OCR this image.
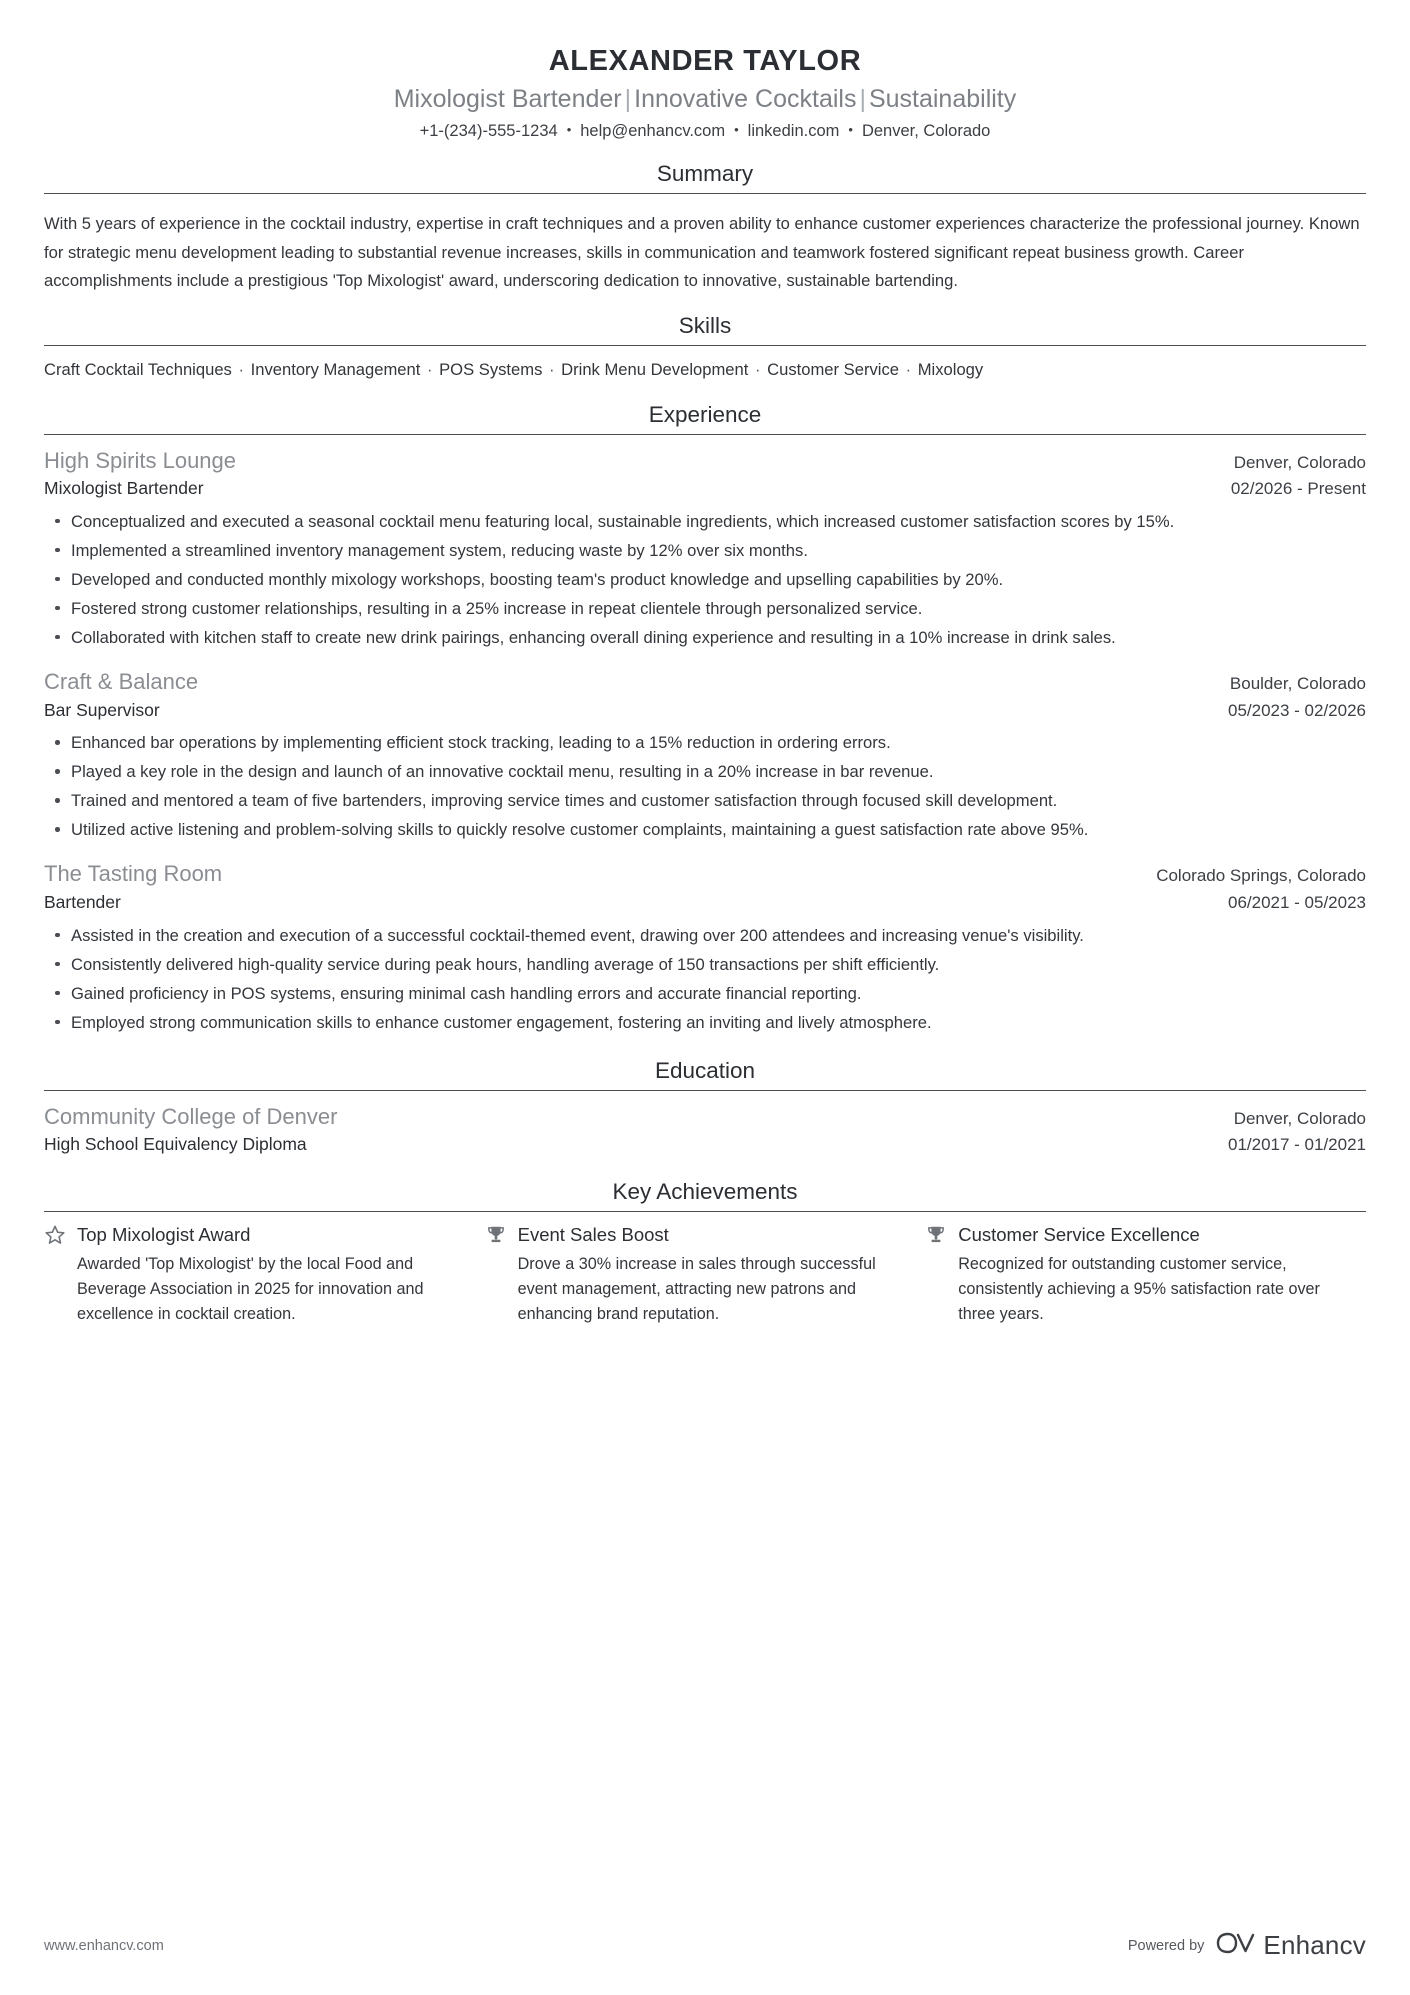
ALEXANDER TAYLOR
Mixologist Bartender | Innovative Cocktails | Sustainability
+1-(234)-555-1234 • help@enhancv.com • linkedin.com • Denver, Colorado
Summary

With 5 years of experience in the cocktail industry, expertise in craft techniques and a proven ability to enhance customer experiences characterize the professional journey. Known for strategic menu development leading to substantial revenue increases, skills in communication and teamwork fostered significant repeat business growth. Career accomplishments include a prestigious 'Top Mixologist' award, underscoring dedication to innovative, sustainable bartending.

Skills
Craft Cocktail Techniques · Inventory Management · POS Systems · Drink Menu Development · Customer Service · Mixology
Experience
High Spirits Lounge	Denver, Colorado
Mixologist Bartender	02/2026 - Present
Conceptualized and executed a seasonal cocktail menu featuring local, sustainable ingredients, which increased customer satisfaction scores by 15%.
Implemented a streamlined inventory management system, reducing waste by 12% over six months.
Developed and conducted monthly mixology workshops, boosting team's product knowledge and upselling capabilities by 20%.
Fostered strong customer relationships, resulting in a 25% increase in repeat clientele through personalized service.
Collaborated with kitchen staff to create new drink pairings, enhancing overall dining experience and resulting in a 10% increase in drink sales.
Craft & Balance	Boulder, Colorado
Bar Supervisor	05/2023 - 02/2026
Enhanced bar operations by implementing efficient stock tracking, leading to a 15% reduction in ordering errors.
Played a key role in the design and launch of an innovative cocktail menu, resulting in a 20% increase in bar revenue.
Trained and mentored a team of five bartenders, improving service times and customer satisfaction through focused skill development.
Utilized active listening and problem-solving skills to quickly resolve customer complaints, maintaining a guest satisfaction rate above 95%.
The Tasting Room	Colorado Springs, Colorado
Bartender	06/2021 - 05/2023
Assisted in the creation and execution of a successful cocktail-themed event, drawing over 200 attendees and increasing venue's visibility.
Consistently delivered high-quality service during peak hours, handling average of 150 transactions per shift efficiently.
Gained proficiency in POS systems, ensuring minimal cash handling errors and accurate financial reporting.
Employed strong communication skills to enhance customer engagement, fostering an inviting and lively atmosphere.
Education
Community College of Denver	Denver, Colorado
High School Equivalency Diploma	01/2017 - 01/2021
Key Achievements
Top Mixologist Award
Awarded 'Top Mixologist' by the local Food and Beverage Association in 2025 for innovation and excellence in cocktail creation.
Event Sales Boost
Drove a 30% increase in sales through successful event management, attracting new patrons and enhancing brand reputation.
Customer Service Excellence
Recognized for outstanding customer service, consistently achieving a 95% satisfaction rate over three years.
www.enhancv.com	Powered by Enhancv
